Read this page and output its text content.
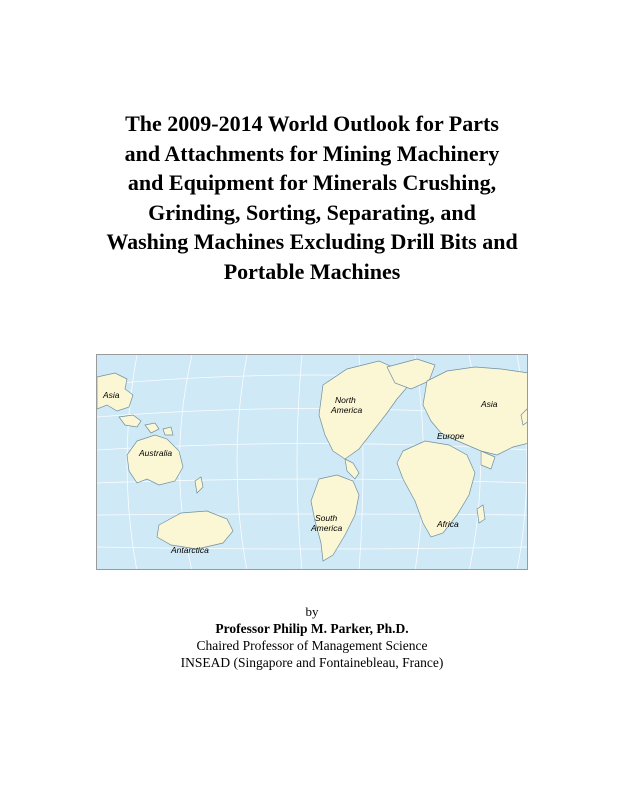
The 2009-2014 World Outlook for Parts
and Attachments for Mining Machinery
and Equipment for Minerals Crushing,
Grinding, Sorting, Separating, and
Washing Machines Excluding Drill Bits and
Portable Machines
Asia
Australia
Antarctica
North
America
Asia
Europe
South
America	Africa
by
Professor Philip M. Parker, Ph.D.
Chaired Professor of Management Science
INSEAD (Singapore and Fontainebleau, France)
